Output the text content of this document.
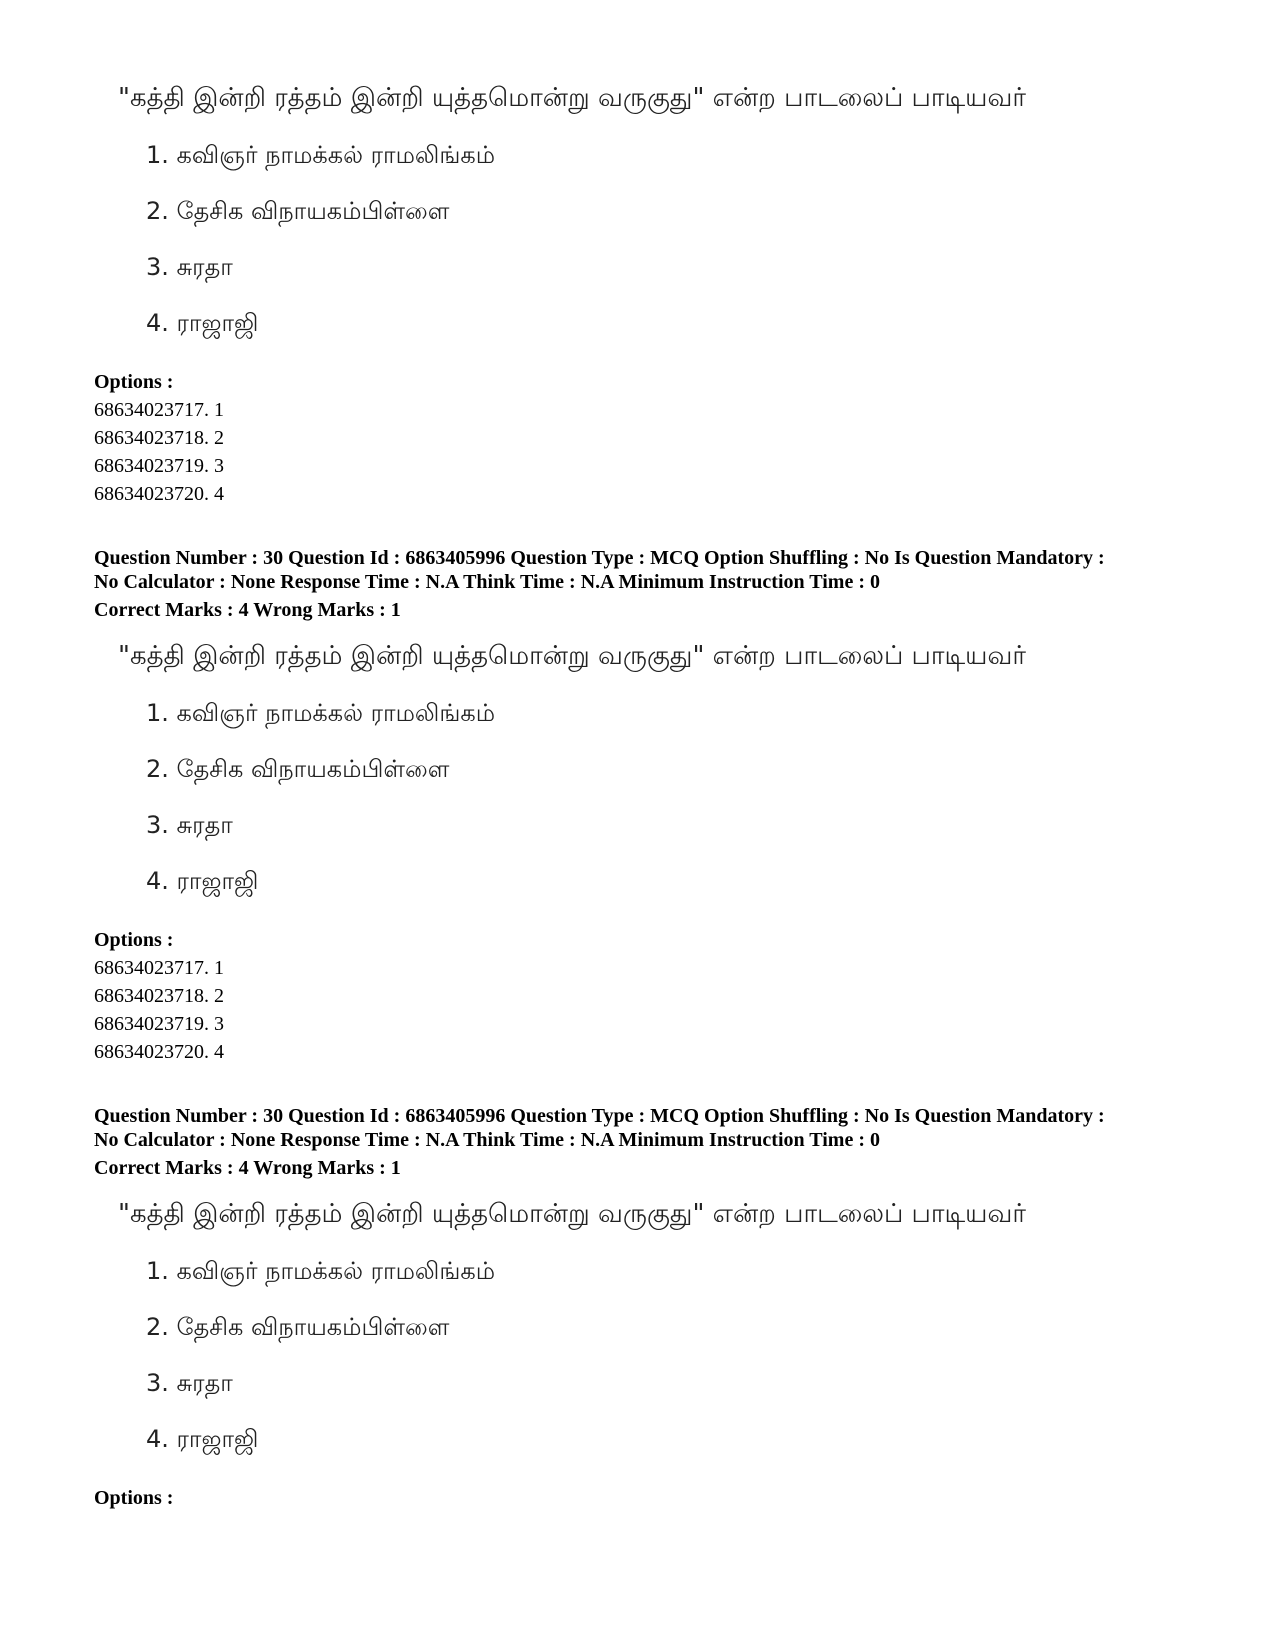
"கத்தி இன்றி ரத்தம் இன்றி யுத்தமொன்று வருகுது" என்ற பாடலைப் பாடியவர்
1. கவிஞர் நாமக்கல் ராமலிங்கம்
2. தேசிக விநாயகம்பிள்ளை
3. சுரதா
4. ராஜாஜி
Options :
68634023717. 1
68634023718. 2
68634023719. 3
68634023720. 4
Question Number : 30 Question Id : 6863405996 Question Type : MCQ Option Shuffling : No Is Question Mandatory :
No Calculator : None Response Time : N.A Think Time : N.A Minimum Instruction Time : 0
Correct Marks : 4 Wrong Marks : 1
"கத்தி இன்றி ரத்தம் இன்றி யுத்தமொன்று வருகுது" என்ற பாடலைப் பாடியவர்
1. கவிஞர் நாமக்கல் ராமலிங்கம்
2. தேசிக விநாயகம்பிள்ளை
3. சுரதா
4. ராஜாஜி
Options :
68634023717. 1
68634023718. 2
68634023719. 3
68634023720. 4
Question Number : 30 Question Id : 6863405996 Question Type : MCQ Option Shuffling : No Is Question Mandatory :
No Calculator : None Response Time : N.A Think Time : N.A Minimum Instruction Time : 0
Correct Marks : 4 Wrong Marks : 1
"கத்தி இன்றி ரத்தம் இன்றி யுத்தமொன்று வருகுது" என்ற பாடலைப் பாடியவர்
1. கவிஞர் நாமக்கல் ராமலிங்கம்
2. தேசிக விநாயகம்பிள்ளை
3. சுரதா
4. ராஜாஜி
Options :
